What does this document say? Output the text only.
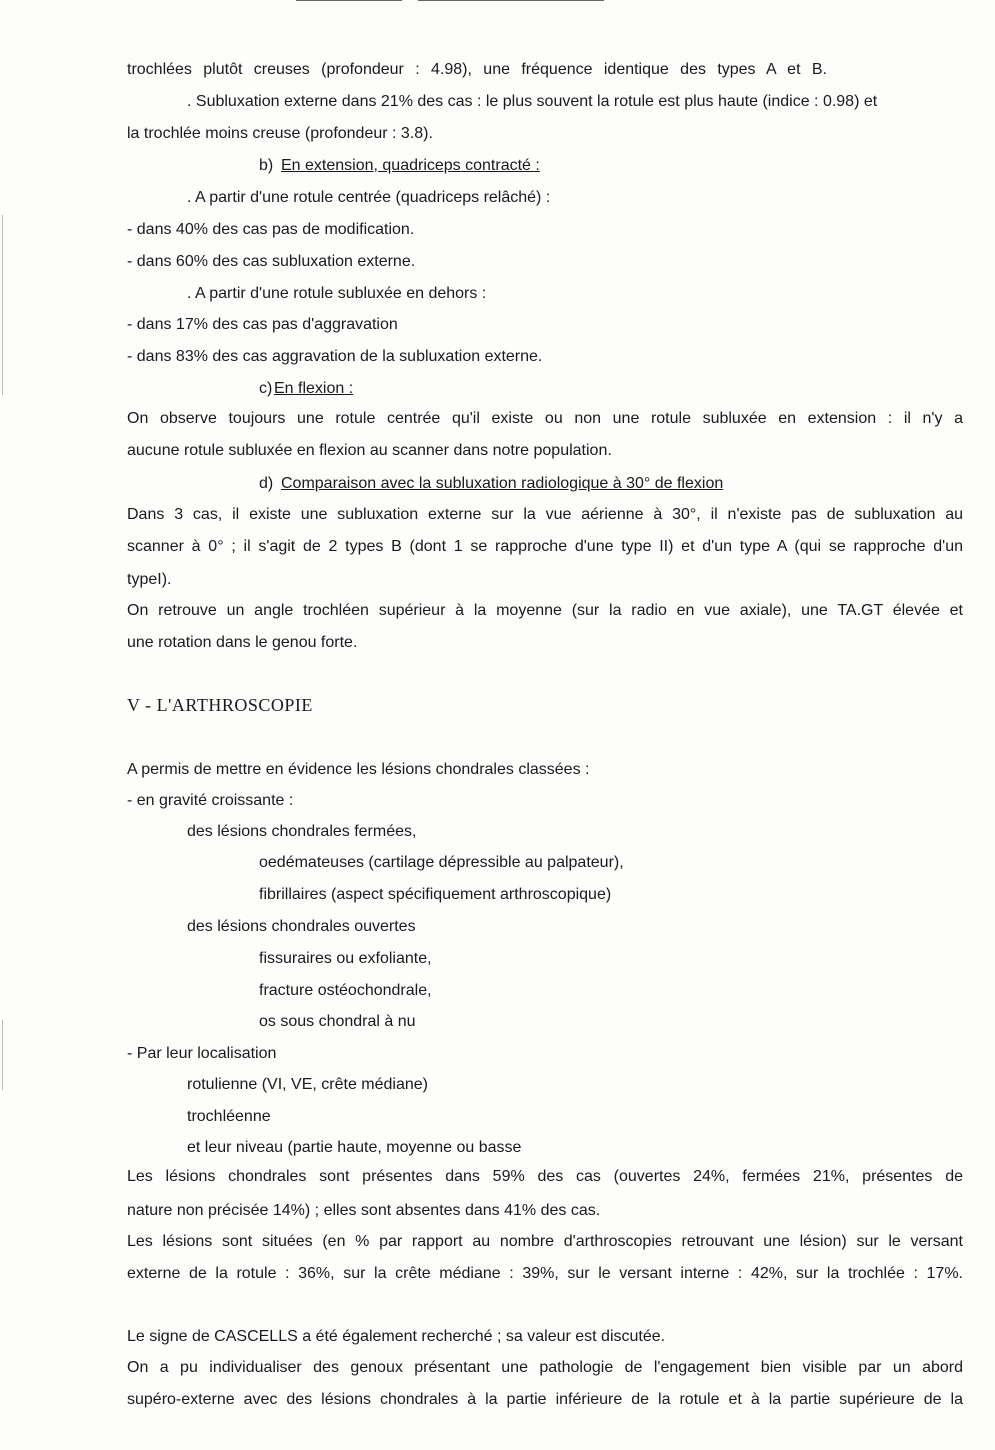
trochlées plutôt creuses (profondeur : 4.98), une fréquence identique des types A et B.
. Subluxation externe dans 21% des cas : le plus souvent la rotule est plus haute (indice : 0.98) et
la trochlée moins creuse (profondeur : 3.8).
b) En extension, quadriceps contracté :
. A partir d'une rotule centrée (quadriceps relâché) :
- dans 40% des cas pas de modification.
- dans 60% des cas subluxation externe.
. A partir d'une rotule subluxée en dehors :
- dans 17% des cas pas d'aggravation
- dans 83% des cas aggravation de la subluxation externe.
c) En flexion :
On observe toujours une rotule centrée qu'il existe ou non une rotule subluxée en extension : il n'y a
aucune rotule subluxée en flexion au scanner dans notre population.
d) Comparaison avec la subluxation radiologique à 30° de flexion
Dans 3 cas, il existe une subluxation externe sur la vue aérienne à 30°, il n'existe pas de subluxation au
scanner à 0° ; il s'agit de 2 types B (dont 1 se rapproche d'une type II) et d'un type A (qui se rapproche d'un
typeI).
On retrouve un angle trochléen supérieur à la moyenne (sur la radio en vue axiale), une TA.GT élevée et
une rotation dans le genou forte.
V - L'ARTHROSCOPIE
A permis de mettre en évidence les lésions chondrales classées :
- en gravité croissante :
des lésions chondrales fermées,
oedémateuses (cartilage dépressible au palpateur),
fibrillaires (aspect spécifiquement arthroscopique)
des lésions chondrales ouvertes
fissuraires ou exfoliante,
fracture ostéochondrale,
os sous chondral à nu
- Par leur localisation
rotulienne (VI, VE, crête médiane)
trochléenne
et leur niveau (partie haute, moyenne ou basse
Les lésions chondrales sont présentes dans 59% des cas (ouvertes 24%, fermées 21%, présentes de
nature non précisée 14%) ; elles sont absentes dans 41% des cas.
Les lésions sont situées (en % par rapport au nombre d'arthroscopies retrouvant une lésion) sur le versant
externe de la rotule : 36%, sur la crête médiane : 39%, sur le versant interne : 42%, sur la trochlée : 17%.
Le signe de CASCELLS a été également recherché ; sa valeur est discutée.
On a pu individualiser des genoux présentant une pathologie de l'engagement bien visible par un abord
supéro-externe avec des lésions chondrales à la partie inférieure de la rotule et à la partie supérieure de la
